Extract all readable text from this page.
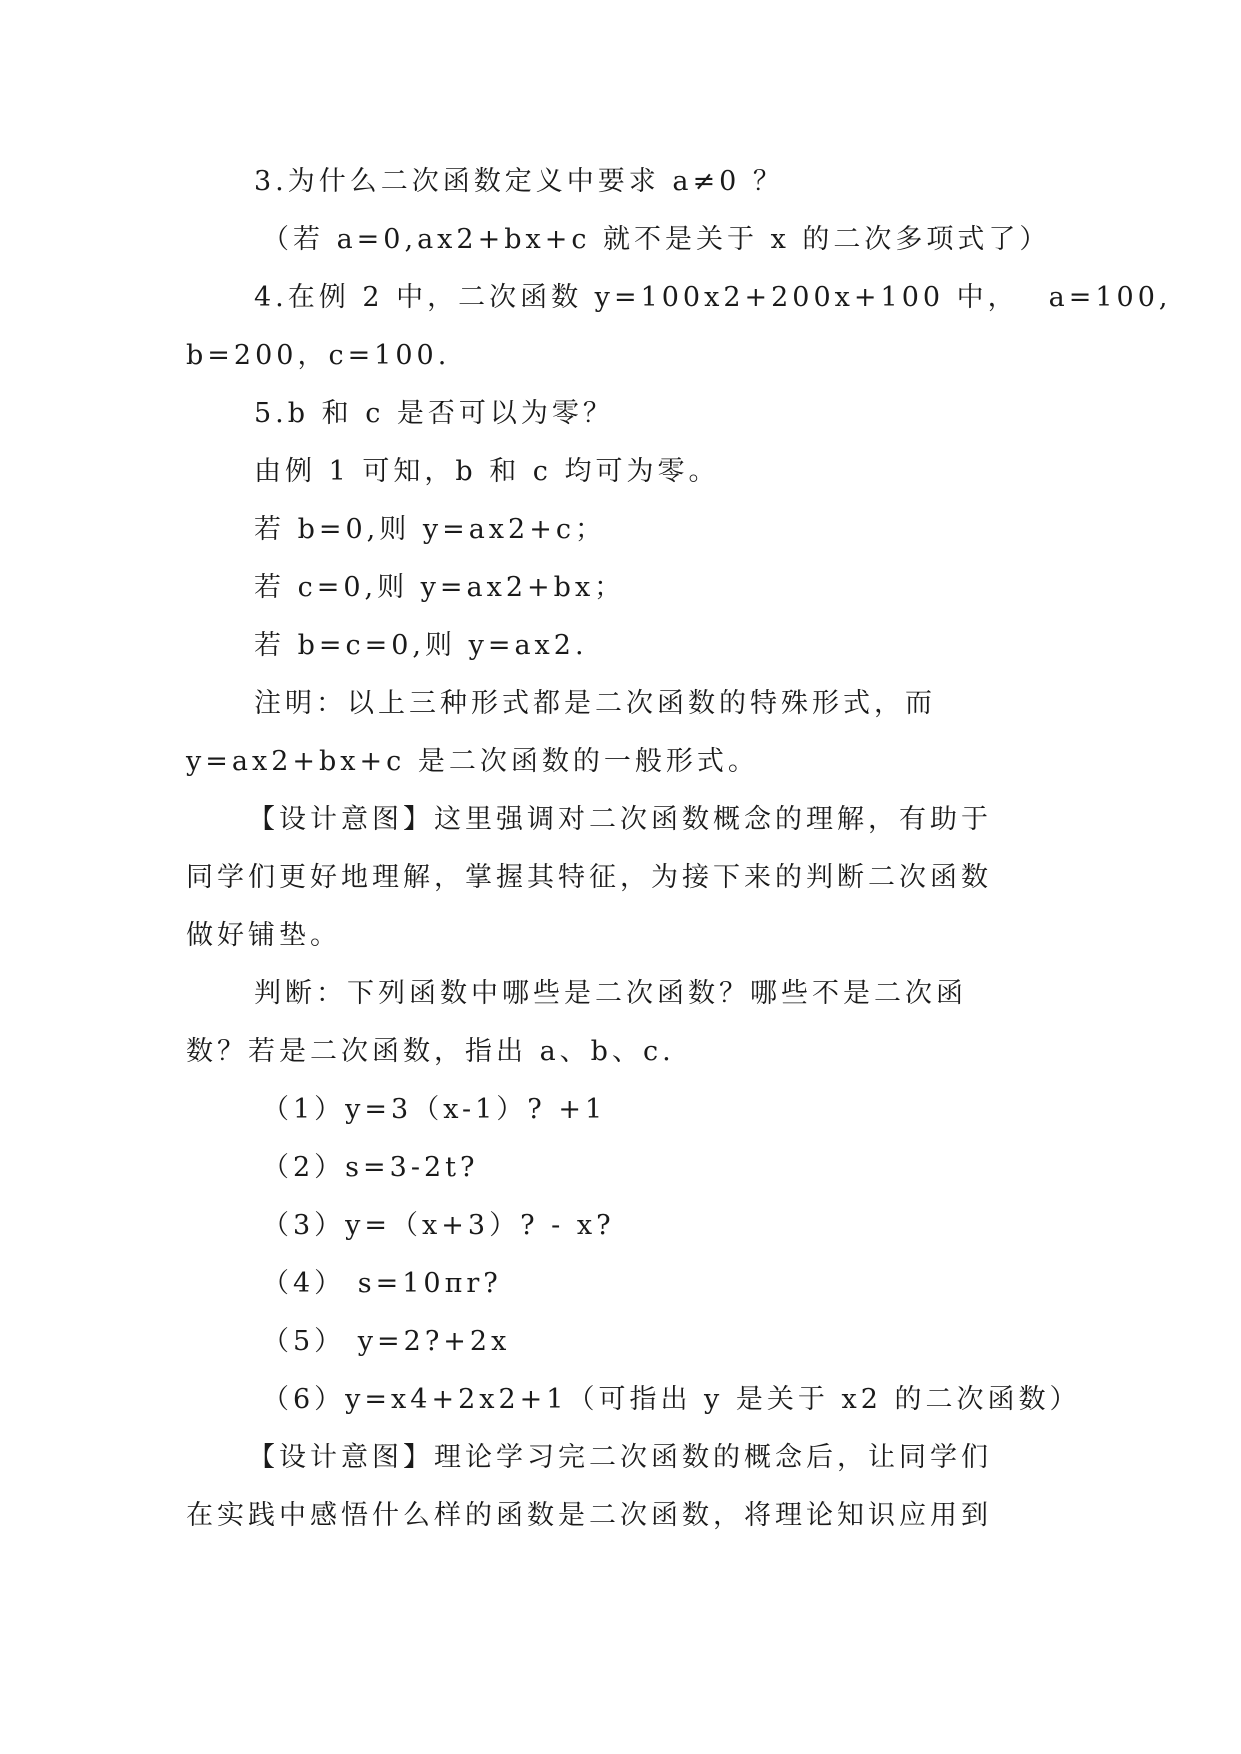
3.为什么二次函数定义中要求 a≠0 ？

（若 a=0,ax2+bx+c 就不是关于 x 的二次多项式了）

4.在例 2 中，二次函数 y=100x2+200x+100 中， a=100,

b=200，c=100.

5.b 和 c 是否可以为零？

由例 1 可知，b 和 c 均可为零。

若 b=0,则 y=ax2+c；

若 c=0,则 y=ax2+bx；

若 b=c=0,则 y=ax2.

注明：以上三种形式都是二次函数的特殊形式，而

y=ax2+bx+c 是二次函数的一般形式。

【设计意图】这里强调对二次函数概念的理解，有助于

同学们更好地理解，掌握其特征，为接下来的判断二次函数

做好铺垫。

判断：下列函数中哪些是二次函数？哪些不是二次函

数？若是二次函数，指出 a、b、c.

（1）y=3（x-1）? +1

（2）s=3-2t?

（3）y=（x+3）? - x?

（4） s=10πr?

（5） y=2?+2x

（6）y=x4+2x2+1（可指出 y 是关于 x2 的二次函数）

【设计意图】理论学习完二次函数的概念后，让同学们

在实践中感悟什么样的函数是二次函数，将理论知识应用到
